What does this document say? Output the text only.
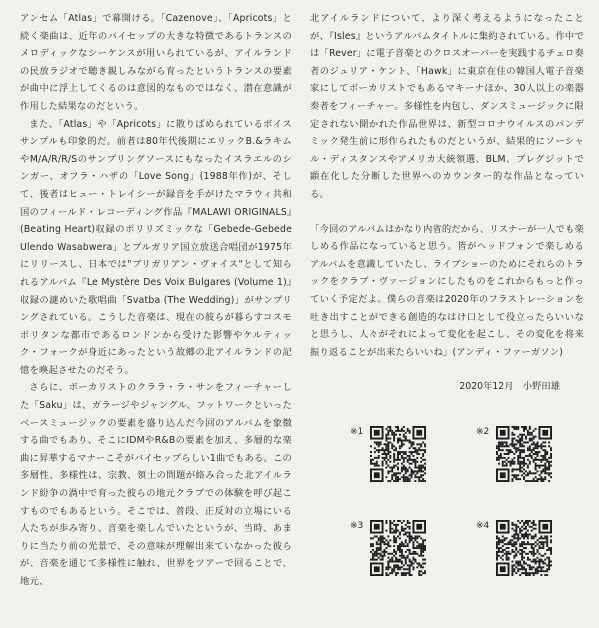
アンセム「Atlas」で幕開ける。「Cazenove」、「Apricots」と続く楽曲は、近年のバイセップの大きな特徴であるトランスのメロディックなシーケンスが用いられているが、アイルランドの民放ラジオで聴き親しみながら育ったというトランスの要素が曲中に浮上してくるのは意図的なものではなく、潜在意識が作用した結果なのだという。

また、「Atlas」や「Apricots」に散りばめられているボイスサンプルも印象的だ。前者は80年代後期にエリックB.&ラキムやM/A/R/R/Sのサンプリングソースにもなったイスラエルのシンガー、オフラ・ハザの「Love Song」(1988年作)が、そして、後者はヒュー・トレイシーが録音を手がけたマラウィ共和国のフィールド・レコーディング作品『MALAWI ORIGINALS』(Beating Heart)収録のポリリズミックな「Gebede-Gebede Ulendo Wasabwera」とブルガリア国立放送合唱団が1975年にリリースし、日本では"ブリガリアン・ヴォイス"として知られるアルバム『Le Mystère Des Voix Bulgares (Volume 1)』収録の謎めいた歌唱曲「Svatba (The Wedding)」がサンプリングされている。こうした音楽は、現在の彼らが暮らすコスモポリタンな都市であるロンドンから受けた影響やケルティック・フォークが身近にあったという故郷の北アイルランドの記憶を喚起させたのだそう。

さらに、ボーカリストのクララ・ラ・サンをフィーチャーした「Saku」は、ガラージやジャングル、フットワークといったベースミュージックの要素を盛り込んだ今回のアルバムを象徴する曲でもあり、そこにIDMやR&Bの要素を加え、多層的な楽曲に昇華するマナーこそがバイセップらしい1曲でもある。この多層性、多様性は、宗教、領土の問題が絡み合った北アイルランド紛争の渦中で育った彼らの地元クラブでの体験を呼び起こすものでもあるという。そこでは、普段、正反対の立場にいる人たちが歩み寄り、音楽を楽しんでいたというが、当時、あまりに当たり前の光景で、その意味が理解出来ていなかった彼らが、音楽を通じて多様性に触れ、世界をツアーで回ることで、地元、

北アイルランドについて、より深く考えるようになったことが、『Isles』というアルバムタイトルに集約されている。作中では「Rever」に電子音楽とのクロスオーバーを実践するチェロ奏者のジュリア・ケント、「Hawk」に東京在住の韓国人電子音楽家にしてボーカリストでもあるマキーナほか、30人以上の楽器奏者をフィーチャー。多様性を内包し、ダンスミュージックに限定されない開かれた作品世界は、新型コロナウイルスのパンデミック発生前に形作られたものだというが、結果的にソーシャル・ディスタンスやアメリカ大統領選、BLM、ブレグジットで顕在化した分断した世界へのカウンター的な作品となっている。

「今回のアルバムはかなり内省的だから、リスナーが一人でも楽しめる作品になっていると思う。皆がヘッドフォンで楽しめるアルバムを意識していたし、ライブショーのためにそれらのトラックをクラブ・ヴァージョンにしたものをこれからもっと作っていく予定だよ。僕らの音楽は2020年のフラストレーションを吐き出すことができる創造的なはけ口として役立ったらいいなと思うし、人々がそれによって変化を起こし、その変化を将来振り返ることが出来たらいいね」(アンディ・ファーガソン)

2020年12月　小野田雄

※1	※2
※3	※4
